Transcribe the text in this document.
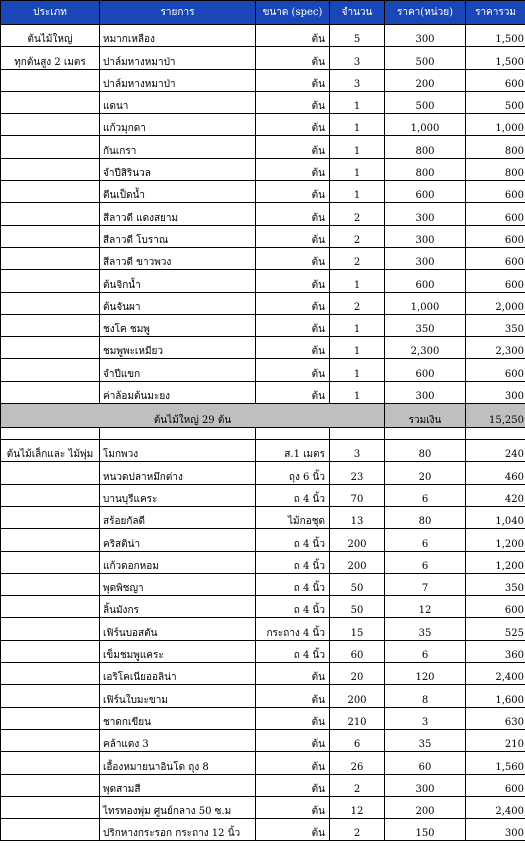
ประเภท	รายการ	ขนาด (spec)	จำนวน	ราคา(หน่วย)	ราคารวม
ต้นไม้ใหญ่	หมากเหลือง	ต้น	5	300	1,500
ทุกต้นสูง 2 เมตร	ปาล์มหางหมาป่า	ต้น	3	500	1,500
	ปาล์มหางหมาป่า	ต้น	3	200	600
	แดนา	ต้น	1	500	500
	แก้วมุกดา	ต้น	1	1,000	1,000
	กันเกรา	ต้น	1	800	800
	จำปีสิรินวล	ต้น	1	800	800
	ตีนเป็ดน้ำ	ต้น	1	600	600
	สีลาวดี แดงสยาม	ต้น	2	300	600
	สีลาวดี โบราณ	ต้น	2	300	600
	สีลาวดี ขาวพวง	ต้น	2	300	600
	ต้นจิกน้ำ	ต้น	1	600	600
	ต้นจันผา	ต้น	2	1,000	2,000
	ชงโค ชมพู	ต้น	1	350	350
	ชมพูพะเหมียว	ต้น	1	2,300	2,300
	จำปีแขก	ต้น	1	600	600
	ค่าล้อมต้นมะยง	ต้น	1	300	300
ต้นไม้ใหญ่ 29 ต้น				รวมเงิน	15,250

ต้นไม้เล็กและ ไม้พุ่ม	โมกพวง	ส.1 เมตร	3	80	240
	หนวดปลาหมึกด่าง	ถุง 6 นิ้ว	23	20	460
	บานบุรีแคระ	ถ 4 นิ้ว	70	6	420
	สร้อยกัลดี	ไม้กอชุด	13	80	1,040
	คริสติน่า	ถ 4 นิ้ว	200	6	1,200
	แก้วดอกหอม	ถ 4 นิ้ว	200	6	1,200
	พุดพิชญา	ถ 4 นิ้ว	50	7	350
	ลิ้นมังกร	ถ 4 นิ้ว	50	12	600
	เฟิร์นบอสตัน	กระถาง 4 นิ้ว	15	35	525
	เข็มชมพูแคระ	ถ 4 นิ้ว	60	6	360
	เอริโคเนียออลิน่า	ต้น	20	120	2,400
	เฟิร์นใบมะขาม	ต้น	200	8	1,600
	ชาดกเขียน	ต้น	210	3	630
	คล้าแดง 3	ต้น	6	35	210
	เอื้องหมายนาอินโด ถุง 8	ต้น	26	60	1,560
	พุดสามสี	ต้น	2	300	600
	ไทรทองพุ่ม ศูนย์กลาง 50 ซ.ม	ต้น	12	200	2,400
	ปริกหางกระรอก กระถาง 12 นิ้ว	ต้น	2	150	300
